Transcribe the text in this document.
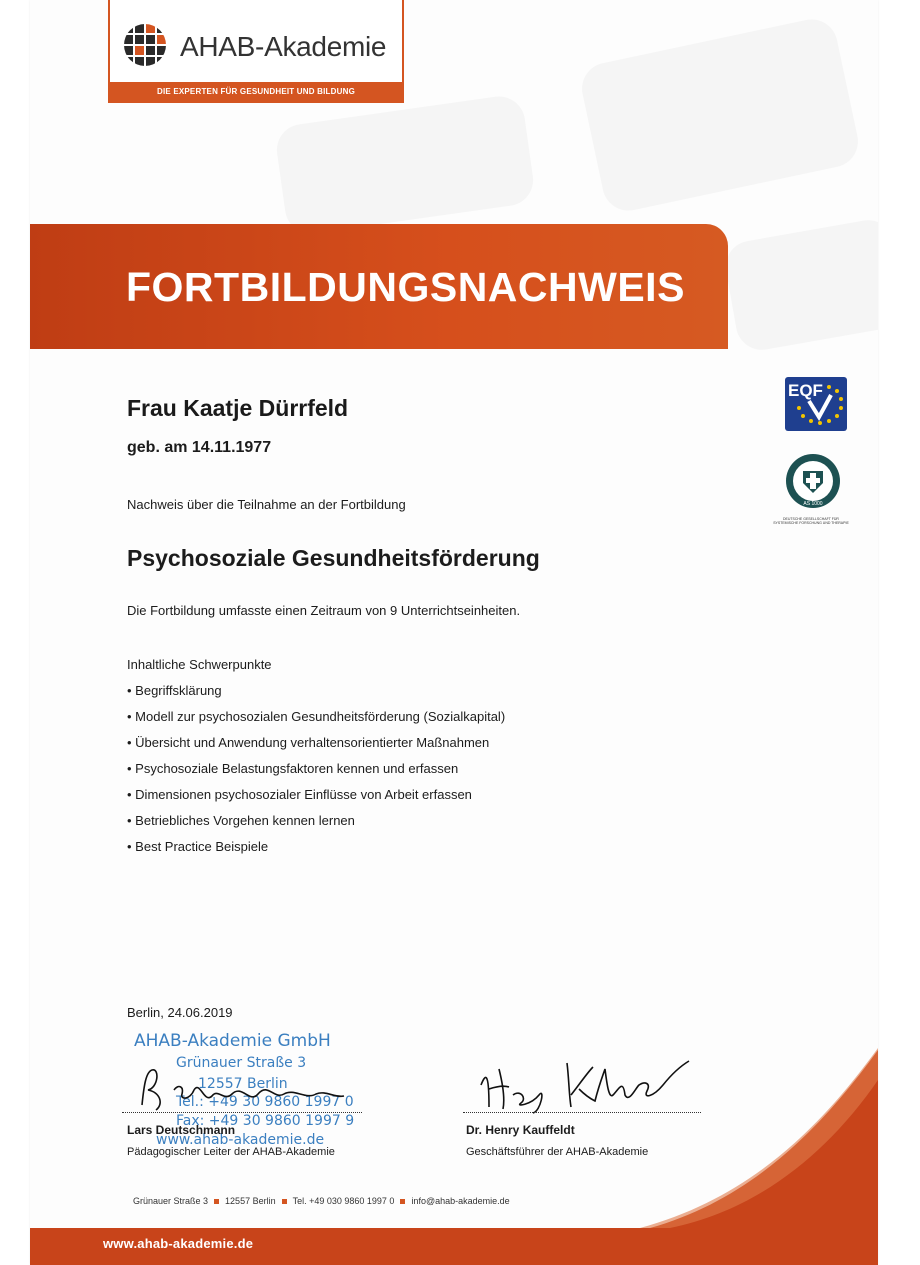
AHAB-Akademie
DIE EXPERTEN FÜR GESUNDHEIT UND BILDUNG
FORTBILDUNGSNACHWEIS
EQF
AS 1000
DEUTSCHE GESELLSCHAFT FÜR SYSTEMISCHE FORSCHUNG UND THERAPIE
Frau Kaatje Dürrfeld
geb. am 14.11.1977
Nachweis über die Teilnahme an der Fortbildung
Psychosoziale Gesundheitsförderung
Die Fortbildung umfasste einen Zeitraum von 9 Unterrichtseinheiten.
Inhaltliche Schwerpunkte
• Begriffsklärung
• Modell zur psychosozialen Gesundheitsförderung (Sozialkapital)
• Übersicht und Anwendung verhaltensorientierter Maßnahmen
• Psychosoziale Belastungsfaktoren kennen und erfassen
• Dimensionen psychosozialer Einflüsse von Arbeit erfassen
• Betriebliches Vorgehen kennen lernen
• Best Practice Beispiele
Berlin, 24.06.2019
AHAB-Akademie GmbH
Grünauer Straße 3
12557 Berlin
Tel.: +49 30 9860 1997 0
Fax: +49 30 9860 1997 9
www.ahab-akademie.de
Lars Deutschmann
Pädagogischer Leiter der AHAB-Akademie
Dr. Henry Kauffeldt
Geschäftsführer der AHAB-Akademie
Grünauer Straße 3 12557 Berlin Tel. +49 030 9860 1997 0 info@ahab-akademie.de
www.ahab-akademie.de
